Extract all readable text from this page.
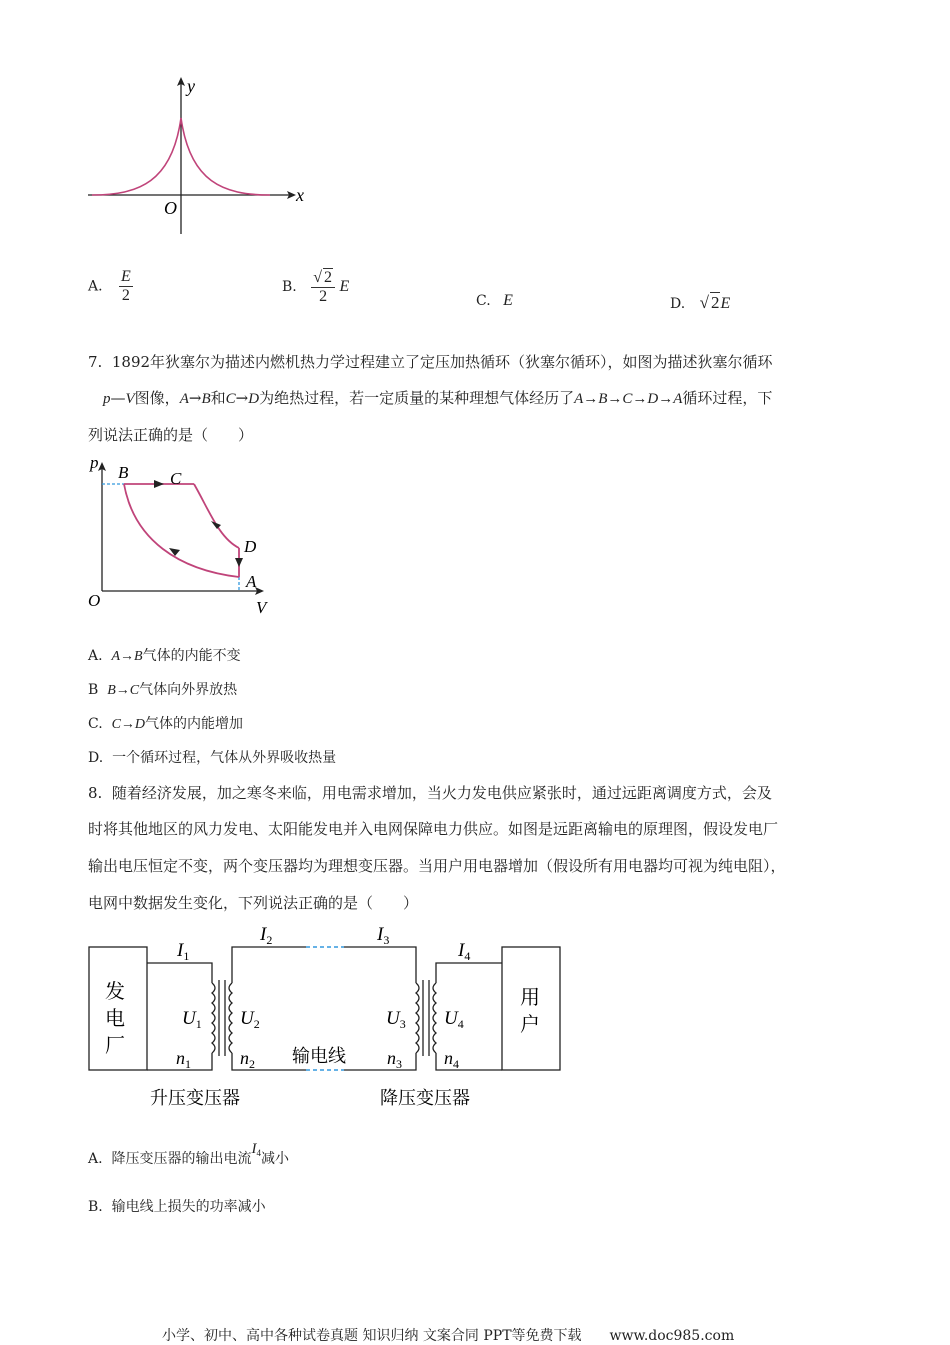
y
x
O
A. $\frac{E}{2}$	B. $\frac{√ 2}{2}$ E
C. E	D. √ 2E
7. 1892年狄塞尔为描述内燃机热力学过程建立了定压加热循环（狄塞尔循环），如图为描述狄塞尔循环
p—V图像，A→B和C→D为绝热过程，若一定质量的某种理想气体经历了A→B→C→D→A循环过程，下
列说法正确的是（　　）
p
V
O
B C
D
A
A. A→B气体的内能不变
B B→C气体向外界放热
C. C→D气体的内能增加
D. 一个循环过程，气体从外界吸收热量
8. 随着经济发展，加之寒冬来临，用电需求增加，当火力发电供应紧张时，通过远距离调度方式，会及
时将其他地区的风力发电、太阳能发电并入电网保障电力供应。如图是远距离输电的原理图，假设发电厂
输出电压恒定不变，两个变压器均为理想变压器。当用户用电器增加（假设所有用电器均可视为纯电阻），
电网中数据发生变化，下列说法正确的是（　　）
发
电
厂
用
户
$I_1$
$I_2$	$I_3$	$I_4$
$U_1$ $U_2$	$U_3$ $U_4$
$n_1$	$n_2$	$n_3$ $n_4$
输电线
升压变压器	降压变压器
A. 降压变压器的输出电流$I^4$减小
B. 输电线上损失的功率减小
小学、初中、高中各种试卷真题 知识归纳 文案合同 PPT等免费下载　　www.doc985.com
